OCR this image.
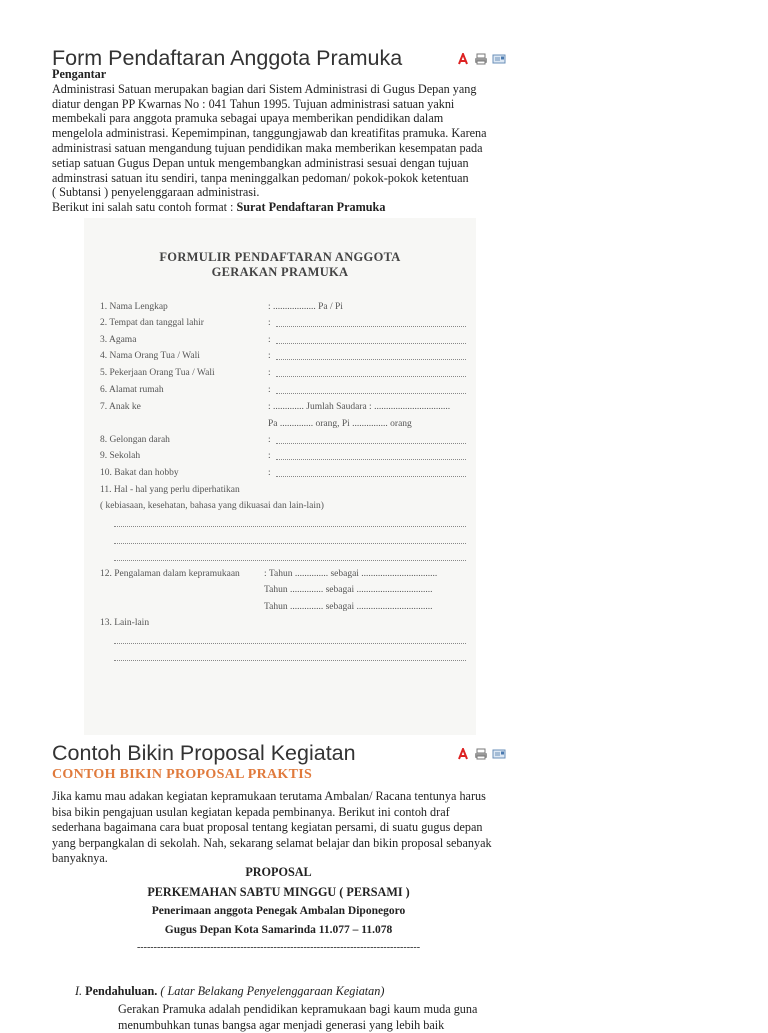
Form Pendaftaran Anggota Pramuka
Pengantar
Administrasi Satuan merupakan bagian dari Sistem Administrasi di Gugus Depan yang
diatur dengan PP Kwarnas No : 041 Tahun 1995. Tujuan administrasi satuan yakni
membekali para anggota pramuka sebagai upaya memberikan pendidikan dalam
mengelola administrasi. Kepemimpinan, tanggungjawab dan kreatifitas pramuka. Karena
administrasi satuan mengandung tujuan pendidikan maka memberikan kesempatan pada
setiap satuan Gugus Depan untuk mengembangkan administrasi sesuai dengan tujuan
adminstrasi satuan itu sendiri, tanpa meninggalkan pedoman/ pokok-pokok ketentuan
( Subtansi ) penyelenggaraan administrasi.
Berikut ini salah satu contoh format : Surat Pendaftaran Pramuka
FORMULIR PENDAFTARAN ANGGOTA
GERAKAN PRAMUKA
1. Nama Lengkap	: .................. Pa / Pi
2. Tempat dan tanggal lahir	:
3. Agama	:
4. Nama Orang Tua / Wali	:
5. Pekerjaan Orang Tua / Wali	:
6. Alamat rumah	:
7. Anak ke	: ............. Jumlah Saudara : ................................
Pa .............. orang, Pi ............... orang
8. Gelongan darah	:
9. Sekolah	:
10. Bakat dan hobby	:
11. Hal - hal yang perlu diperhatikan
( kebiasaan, kesehatan, bahasa yang dikuasai dan lain-lain)
12. Pengalaman dalam kepramukaan	: Tahun .............. sebagai ................................
Tahun .............. sebagai ................................
Tahun .............. sebagai ................................
13. Lain-lain
Contoh Bikin Proposal Kegiatan
CONTOH BIKIN PROPOSAL PRAKTIS
Jika kamu mau adakan kegiatan kepramukaan terutama Ambalan/ Racana tentunya harus
bisa bikin pengajuan usulan kegiatan kepada pembinanya. Berikut ini contoh draf
sederhana bagaimana cara buat proposal tentang kegiatan persami, di suatu gugus depan
yang berpangkalan di sekolah. Nah, sekarang selamat belajar dan bikin proposal sebanyak
banyaknya.
PROPOSAL
PERKEMAHAN SABTU MINGGU ( PERSAMI )
Penerimaan anggota Penegak Ambalan Diponegoro
Gugus Depan Kota Samarinda 11.077 – 11.078
-------------------------------------------------------------------------------------
I. Pendahuluan. ( Latar Belakang Penyelenggaraan Kegiatan)
Gerakan Pramuka adalah pendidikan kepramukaan bagi kaum muda guna
menumbuhkan tunas bangsa agar menjadi generasi yang lebih baik
